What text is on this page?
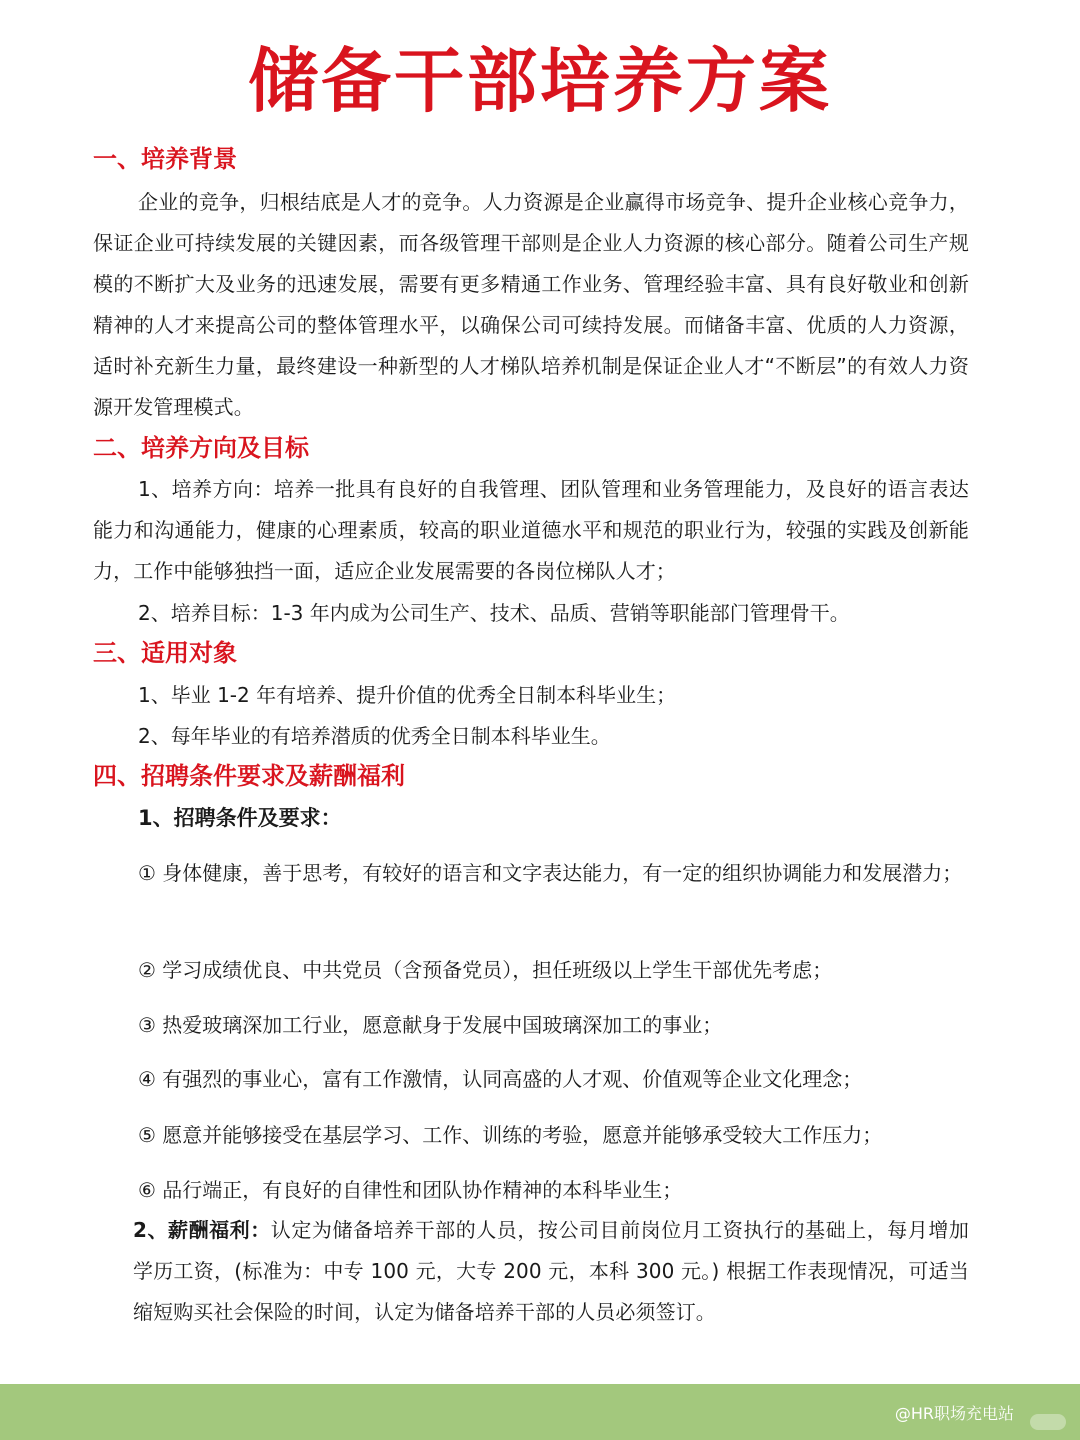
储备干部培养方案
一、培养背景

企业的竞争，归根结底是人才的竞争。人力资源是企业赢得市场竞争、提升企业核心竞争力，保证企业可持续发展的关键因素，而各级管理干部则是企业人力资源的核心部分。随着公司生产规模的不断扩大及业务的迅速发展，需要有更多精通工作业务、管理经验丰富、具有良好敬业和创新精神的人才来提高公司的整体管理水平，以确保公司可续持发展。而储备丰富、优质的人力资源，适时补充新生力量，最终建设一种新型的人才梯队培养机制是保证企业人才“不断层”的有效人力资源开发管理模式。

二、培养方向及目标

1、培养方向：培养一批具有良好的自我管理、团队管理和业务管理能力，及良好的语言表达能力和沟通能力，健康的心理素质，较高的职业道德水平和规范的职业行为，较强的实践及创新能力，工作中能够独挡一面，适应企业发展需要的各岗位梯队人才；

2、培养目标：1-3 年内成为公司生产、技术、品质、营销等职能部门管理骨干。

三、适用对象

1、毕业 1-2 年有培养、提升价值的优秀全日制本科毕业生；

2、每年毕业的有培养潜质的优秀全日制本科毕业生。

四、招聘条件要求及薪酬福利

1、招聘条件及要求：

① 身体健康，善于思考，有较好的语言和文字表达能力，有一定的组织协调能力和发展潜力；

② 学习成绩优良、中共党员（含预备党员），担任班级以上学生干部优先考虑；

③ 热爱玻璃深加工行业，愿意献身于发展中国玻璃深加工的事业；

④ 有强烈的事业心，富有工作激情，认同高盛的人才观、价值观等企业文化理念；

⑤ 愿意并能够接受在基层学习、工作、训练的考验，愿意并能够承受较大工作压力；

⑥ 品行端正，有良好的自律性和团队协作精神的本科毕业生；

2、薪酬福利：认定为储备培养干部的人员，按公司目前岗位月工资执行的基础上，每月增加学历工资，(标准为：中专 100 元，大专 200 元，本科 300 元。) 根据工作表现情况，可适当缩短购买社会保险的时间，认定为储备培养干部的人员必须签订。

@HR职场充电站
